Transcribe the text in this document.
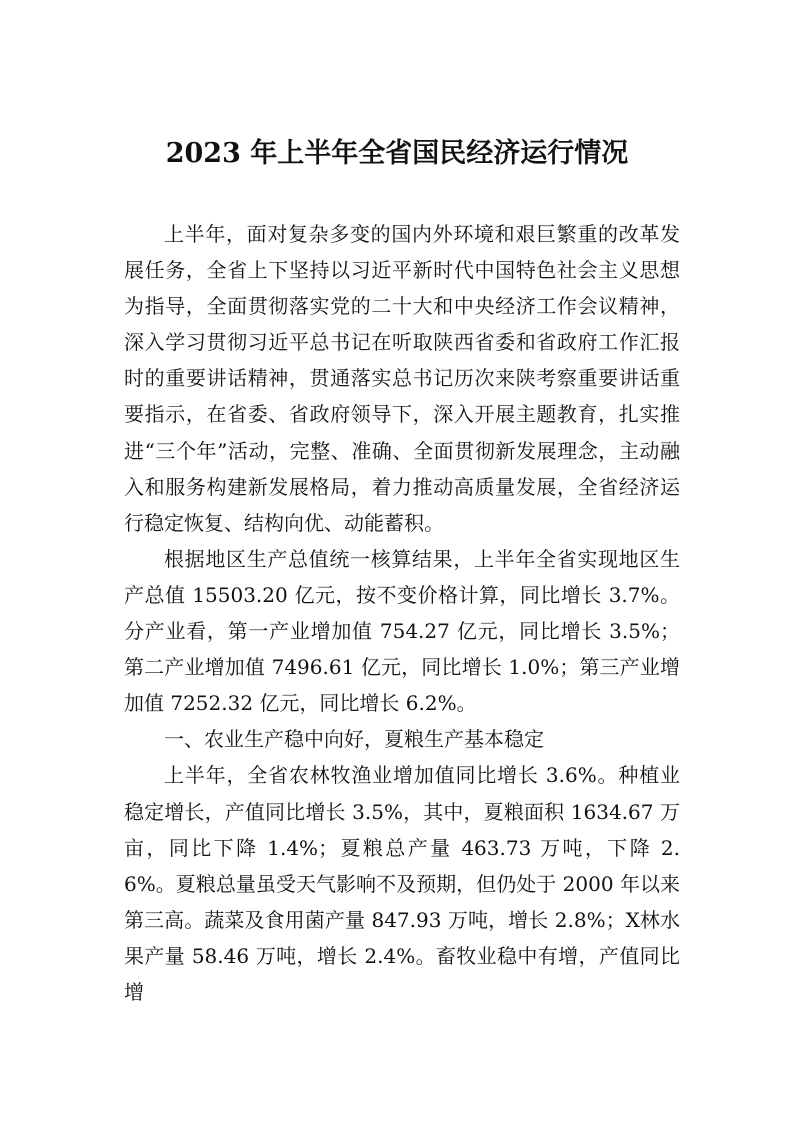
2023 年上半年全省国民经济运行情况

上半年，面对复杂多变的国内外环境和艰巨繁重的改革发展任务，全省上下坚持以习近平新时代中国特色社会主义思想为指导，全面贯彻落实党的二十大和中央经济工作会议精神，深入学习贯彻习近平总书记在听取陕西省委和省政府工作汇报时的重要讲话精神，贯通落实总书记历次来陕考察重要讲话重要指示，在省委、省政府领导下，深入开展主题教育，扎实推进“三个年”活动，完整、准确、全面贯彻新发展理念，主动融入和服务构建新发展格局，着力推动高质量发展，全省经济运行稳定恢复、结构向优、动能蓄积。

根据地区生产总值统一核算结果，上半年全省实现地区生产总值 15503.20 亿元，按不变价格计算，同比增长 3.7%。分产业看，第一产业增加值 754.27 亿元，同比增长 3.5%；第二产业增加值 7496.61 亿元，同比增长 1.0%；第三产业增加值 7252.32 亿元，同比增长 6.2%。

一、农业生产稳中向好，夏粮生产基本稳定

上半年，全省农林牧渔业增加值同比增长 3.6%。种植业稳定增长，产值同比增长 3.5%，其中，夏粮面积 1634.67 万亩，同比下降 1.4%；夏粮总产量 463.73 万吨，下降 2.6%。夏粮总量虽受天气影响不及预期，但仍处于 2000 年以来第三高。蔬菜及食用菌产量 847.93 万吨，增长 2.8%；X林水果产量 58.46 万吨，增长 2.4%。畜牧业稳中有增，产值同比增
